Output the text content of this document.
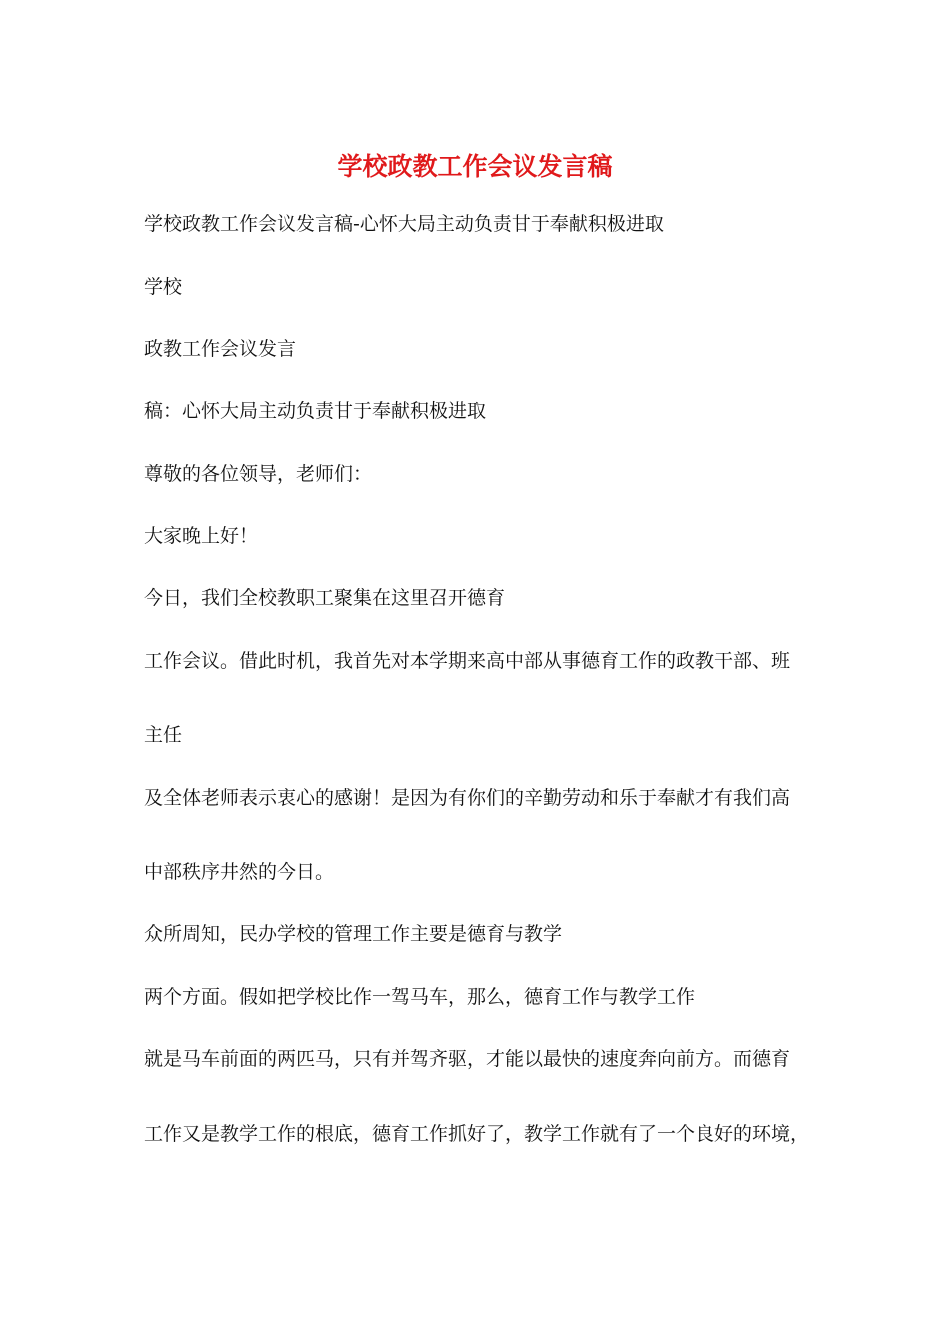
学校政教工作会议发言稿

学校政教工作会议发言稿-心怀大局主动负责甘于奉献积极进取

学校

政教工作会议发言

稿：心怀大局主动负责甘于奉献积极进取

尊敬的各位领导，老师们：

大家晚上好！

今日，我们全校教职工聚集在这里召开德育

工作会议。借此时机，我首先对本学期来高中部从事德育工作的政教干部、班

主任

及全体老师表示衷心的感谢！是因为有你们的辛勤劳动和乐于奉献才有我们高

中部秩序井然的今日。

众所周知，民办学校的管理工作主要是德育与教学

两个方面。假如把学校比作一驾马车，那么，德育工作与教学工作

就是马车前面的两匹马，只有并驾齐驱，才能以最快的速度奔向前方。而德育

工作又是教学工作的根底，德育工作抓好了，教学工作就有了一个良好的环境，
